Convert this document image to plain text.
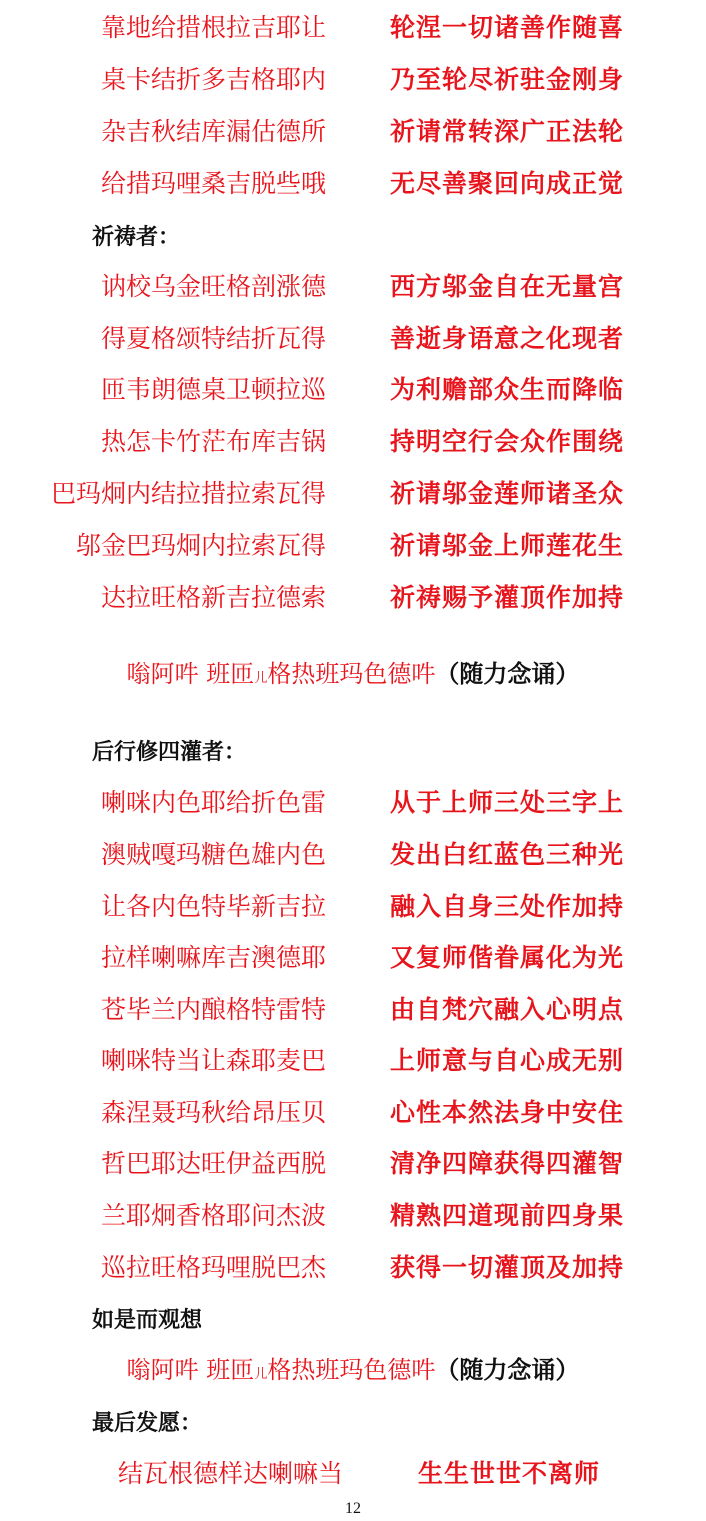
靠地给措根拉吉耶让	轮涅一切诸善作随喜
桌卡结折多吉格耶内	乃至轮尽祈驻金刚身
杂吉秋结库漏估德所	祈请常转深广正法轮
给措玛哩桑吉脱些哦	无尽善聚回向成正觉
祈祷者：
讷校乌金旺格剖涨德	西方邬金自在无量宫
得夏格颂特结折瓦得	善逝身语意之化现者
匝韦朗德桌卫顿拉巡	为利赡部众生而降临
热怎卡竹茫布库吉锅	持明空行会众作围绕
巴玛炯内结拉措拉索瓦得	祈请邬金莲师诸圣众
邬金巴玛炯内拉索瓦得	祈请邬金上师莲花生
达拉旺格新吉拉德索	祈祷赐予灌顶作加持
嗡阿吽 班匝儿格热班玛色德吽（随力念诵）
后行修四灌者：
喇咪内色耶给折色雷	从于上师三处三字上
澳贼嘎玛糖色雄内色	发出白红蓝色三种光
让各内色特毕新吉拉	融入自身三处作加持
拉样喇嘛库吉澳德耶	又复师偕眷属化为光
苍毕兰内酿格特雷特	由自梵穴融入心明点
喇咪特当让森耶麦巴	上师意与自心成无别
森涅聂玛秋给昂压贝	心性本然法身中安住
哲巴耶达旺伊益西脱	清净四障获得四灌智
兰耶炯香格耶问杰波	精熟四道现前四身果
巡拉旺格玛哩脱巴杰	获得一切灌顶及加持
如是而观想
嗡阿吽 班匝儿格热班玛色德吽（随力念诵）
最后发愿：
结瓦根德样达喇嘛当	生生世世不离师
12
